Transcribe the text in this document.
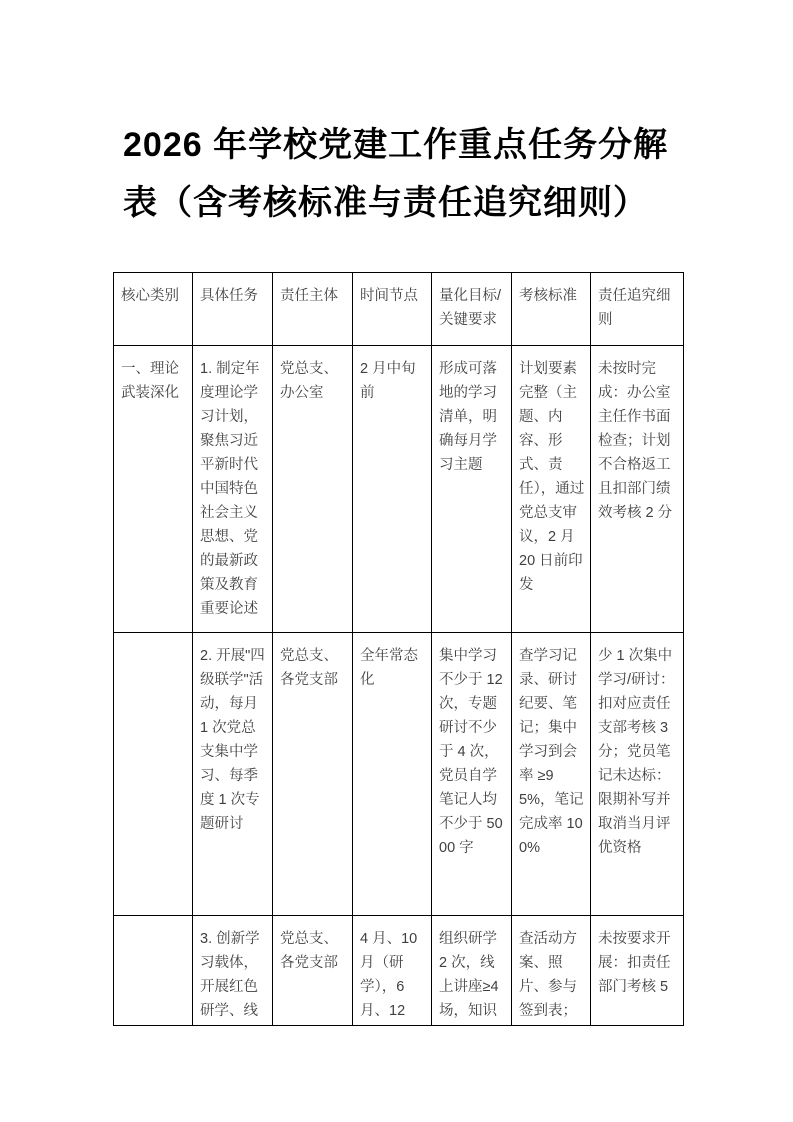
2026 年学校党建工作重点任务分解
表（含考核标准与责任追究细则）
核心类别	具体任务	责任主体	时间节点	量化目标/关键要求	考核标准	责任追究细则

一、理论武装深化	1. 制定年度理论学习计划，聚焦习近平新时代中国特色社会主义思想、党的最新政策及教育重要论述	党总支、办公室	2 月中旬前	形成可落地的学习清单，明确每月学习主题	计划要素完整（主题、内容、形式、责任），通过党总支审议，2 月 20 日前印发	未按时完成：办公室主任作书面检查；计划不合格返工且扣部门绩效考核 2 分

	2. 开展"四级联学"活动，每月 1 次党总支集中学习、每季度 1 次专题研讨	党总支、各党支部	全年常态化	集中学习不少于 12 次，专题研讨不少于 4 次，党员自学笔记人均不少于 5000 字	查学习记录、研讨纪要、笔记；集中学习到会率 ≥95%，笔记完成率 100%	少 1 次集中学习/研讨：扣对应责任支部考核 3 分；党员笔记未达标：限期补写并取消当月评优资格

	3. 创新学习载体，开展红色研学、线	党总支、各党支部	4 月、10 月（研学），6 月、12	组织研学 2 次，线上讲座≥4 场，知识	查活动方案、照片、参与签到表；	未按要求开展：扣责任部门考核 5
